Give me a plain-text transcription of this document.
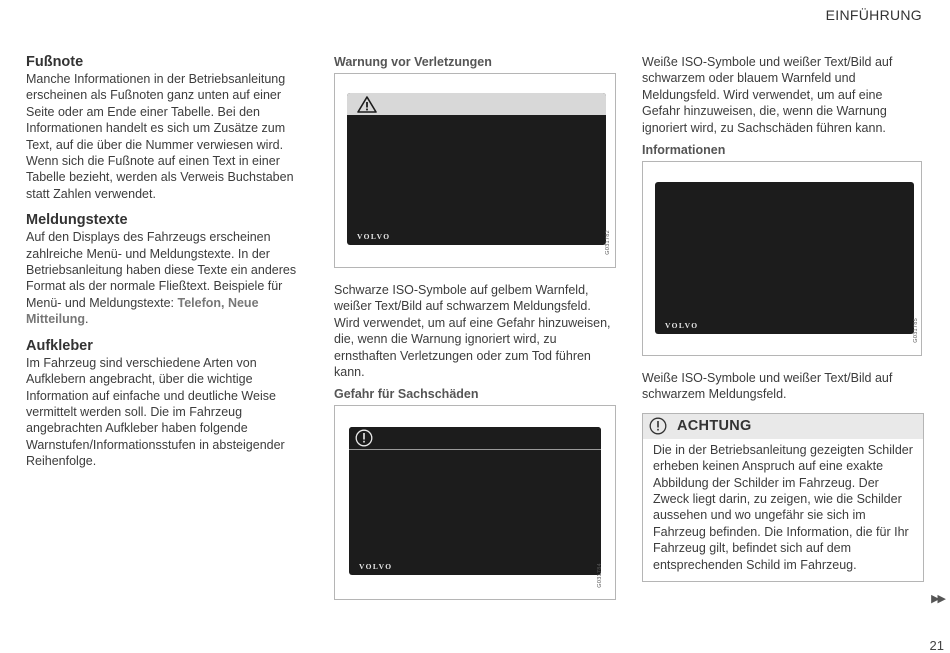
EINFÜHRUNG
Fußnote

Manche Informationen in der Betriebsanleitung erscheinen als Fußnoten ganz unten auf einer Seite oder am Ende einer Tabelle. Bei den Informationen handelt es sich um Zusätze zum Text, auf die über die Nummer verwiesen wird. Wenn sich die Fußnote auf einen Text in einer Tabelle bezieht, werden als Verweis Buchstaben statt Zahlen verwendet.

Meldungstexte

Auf den Displays des Fahrzeugs erscheinen zahlreiche Menü- und Meldungstexte. In der Betriebsanleitung haben diese Texte ein anderes Format als der normale Fließtext. Beispiele für Menü- und Meldungstexte: Telefon, Neue Mitteilung.

Aufkleber

Im Fahrzeug sind verschiedene Arten von Aufklebern angebracht, über die wichtige Information auf einfache und deutliche Weise vermittelt werden soll. Die im Fahrzeug angebrachten Aufkleber haben folgende Warnstufen/Informationsstufen in absteigender Reihenfolge.

Warnung vor Verletzungen
VOLVO	G031782

Schwarze ISO-Symbole auf gelbem Warnfeld, weißer Text/Bild auf schwarzem Meldungsfeld. Wird verwendet, um auf eine Gefahr hinzuweisen, die, wenn die Warnung ignoriert wird, zu ernsthaften Verletzungen oder zum Tod führen kann.

Gefahr für Sachschäden
VOLVO	G031784

Weiße ISO-Symbole und weißer Text/Bild auf schwarzem oder blauem Warnfeld und Meldungsfeld. Wird verwendet, um auf eine Gefahr hinzuweisen, die, wenn die Warnung ignoriert wird, zu Sachschäden führen kann.

Informationen
VOLVO	G031785

Weiße ISO-Symbole und weißer Text/Bild auf schwarzem Meldungsfeld.

ACHTUNG

Die in der Betriebsanleitung gezeigten Schilder erheben keinen Anspruch auf eine exakte Abbildung der Schilder im Fahrzeug. Der Zweck liegt darin, zu zeigen, wie die Schilder aussehen und wo ungefähr sie sich im Fahrzeug befinden. Die Information, die für Ihr Fahrzeug gilt, befindet sich auf dem entsprechenden Schild im Fahrzeug.

▶▶
21
